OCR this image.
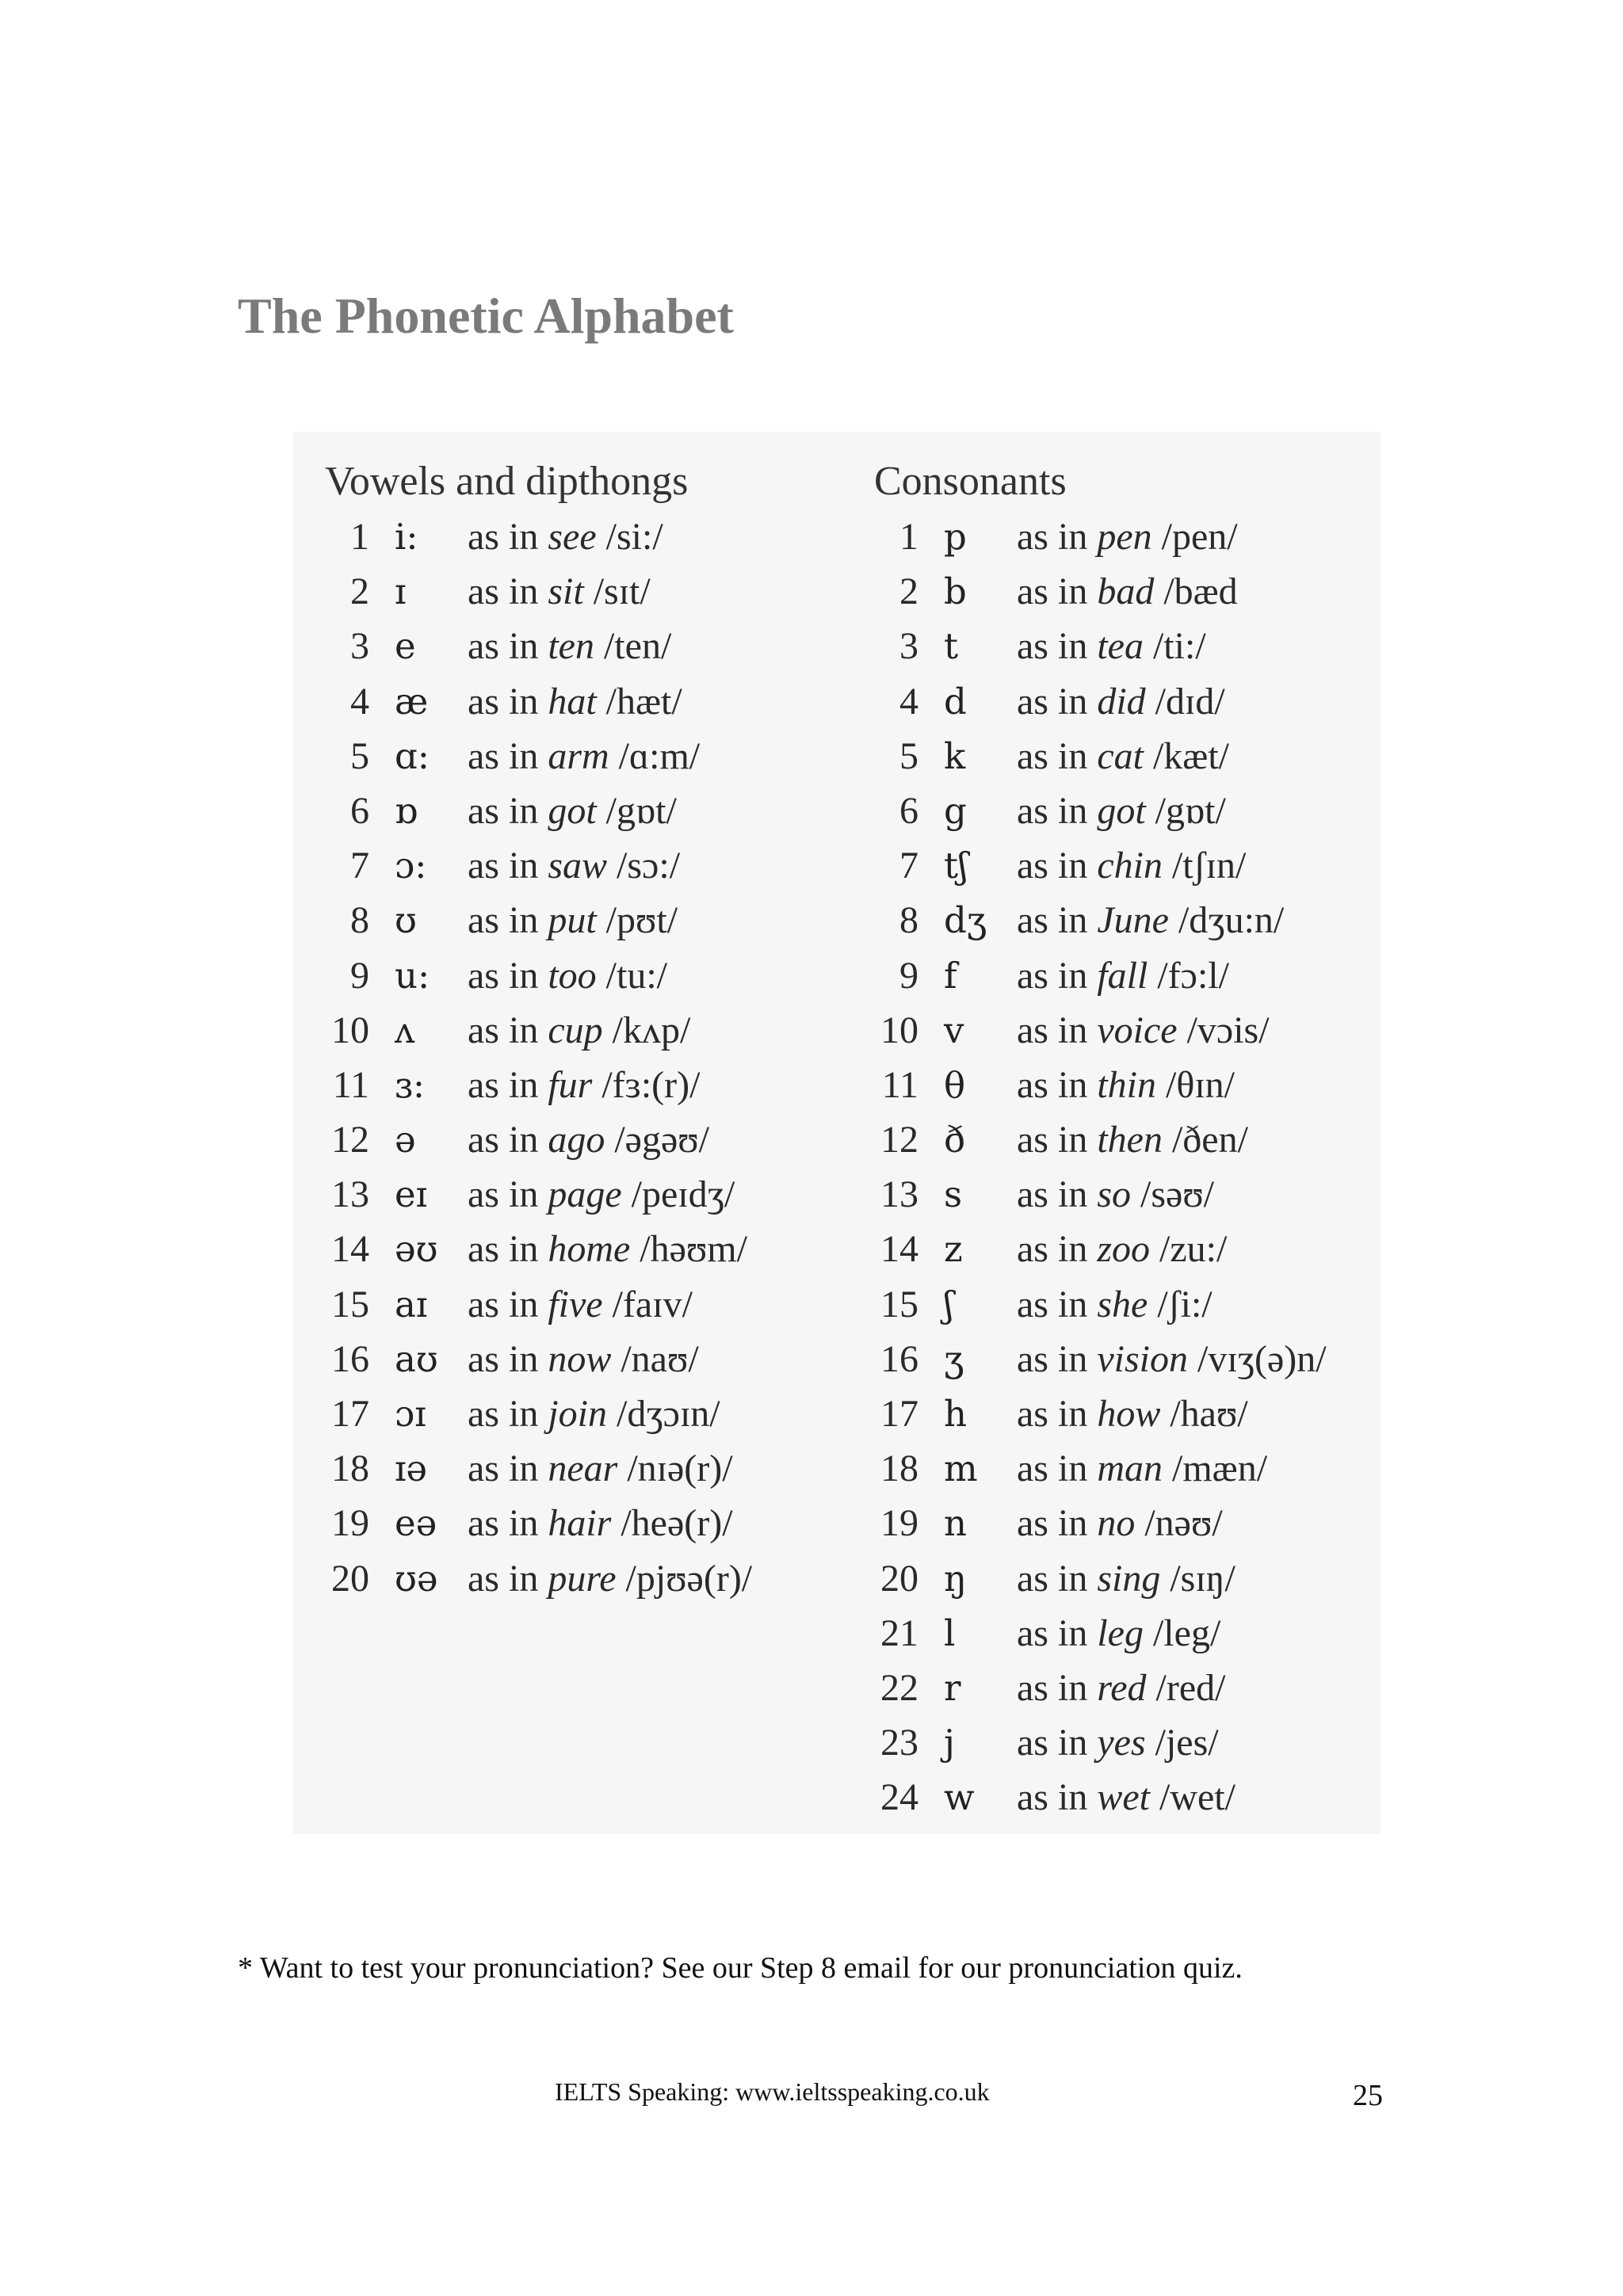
The Phonetic Alphabet
Vowels and dipthongs
1 i: as in see /si:/
2 ɪ as in sit /sɪt/
3 e as in ten /ten/
4 æ as in hat /hæt/
5 ɑ: as in arm /ɑ:m/
6 ɒ as in got /gɒt/
7 ɔ: as in saw /sɔ:/
8 ʊ as in put /pʊt/
9 u: as in too /tu:/
10 ʌ as in cup /kʌp/
11 ɜ: as in fur /fɜ:(r)/
12 ə as in ago /əgəʊ/
13 eɪ as in page /peɪdʒ/
14 əʊ as in home /həʊm/
15 aɪ as in five /faɪv/
16 aʊ as in now /naʊ/
17 ɔɪ as in join /dʒɔɪn/
18 ɪə as in near /nɪə(r)/
19 eə as in hair /heə(r)/
20 ʊə as in pure /pjʊə(r)/
Consonants
1 p as in pen /pen/
2 b as in bad /bæd
3 t as in tea /ti:/
4 d as in did /dɪd/
5 k as in cat /kæt/
6 g as in got /gɒt/
7 tʃ as in chin /tʃɪn/
8 dʒ as in June /dʒu:n/
9 f as in fall /fɔ:l/
10 v as in voice /vɔis/
11 θ as in thin /θɪn/
12 ð as in then /ðen/
13 s as in so /səʊ/
14 z as in zoo /zu:/
15 ʃ as in she /ʃi:/
16 ʒ as in vision /vɪʒ(ə)n/
17 h as in how /haʊ/
18 m as in man /mæn/
19 n as in no /nəʊ/
20 ŋ as in sing /sɪŋ/
21 l as in leg /leg/
22 r as in red /red/
23 j as in yes /jes/
24 w as in wet /wet/
* Want to test your pronunciation? See our Step 8 email for our pronunciation quiz.
IELTS Speaking: www.ieltsspeaking.co.uk	25
